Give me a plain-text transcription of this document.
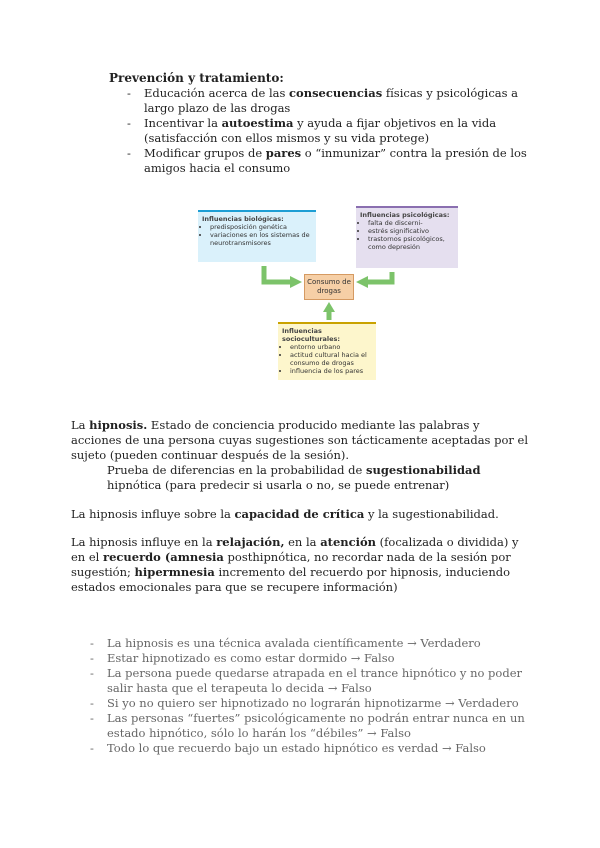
Prevención y tratamiento:
- Educación acerca de las consecuencias físicas y psicológicas a largo plazo de las drogas
- Incentivar la autoestima y ayuda a fijar objetivos en la vida (satisfacción con ellos mismos y su vida protege)
- Modificar grupos de pares o “inmunizar” contra la presión de los amigos hacia el consumo
Influencias biológicas:
• predisposición genética
• variaciones en los sistemas de neurotransmisores
Influencias psicológicas:
• falta de discerni-
• estrés significativo
• trastornos psicológicos, como depresión
Consumo de drogas
Influencias socioculturales:
• entorno urbano
• actitud cultural hacia el consumo de drogas
• influencia de los pares
La hipnosis. Estado de conciencia producido mediante las palabras y acciones de una persona cuyas sugestiones son tácticamente aceptadas por el sujeto (pueden continuar después de la sesión).
Prueba de diferencias en la probabilidad de sugestionabilidad hipnótica (para predecir si usarla o no, se puede entrenar)
La hipnosis influye sobre la capacidad de crítica y la sugestionabilidad.
La hipnosis influye en la relajación, en la atención (focalizada o dividida) y en el recuerdo (amnesia posthipnótica, no recordar nada de la sesión por sugestión; hipermnesia incremento del recuerdo por hipnosis, induciendo estados emocionales para que se recupere información)
- La hipnosis es una técnica avalada científicamente → Verdadero
- Estar hipnotizado es como estar dormido → Falso
- La persona puede quedarse atrapada en el trance hipnótico y no poder salir hasta que el terapeuta lo decida → Falso
- Si yo no quiero ser hipnotizado no lograrán hipnotizarme → Verdadero
- Las personas “fuertes” psicológicamente no podrán entrar nunca en un estado hipnótico, sólo lo harán los “débiles” → Falso
- Todo lo que recuerdo bajo un estado hipnótico es verdad → Falso
